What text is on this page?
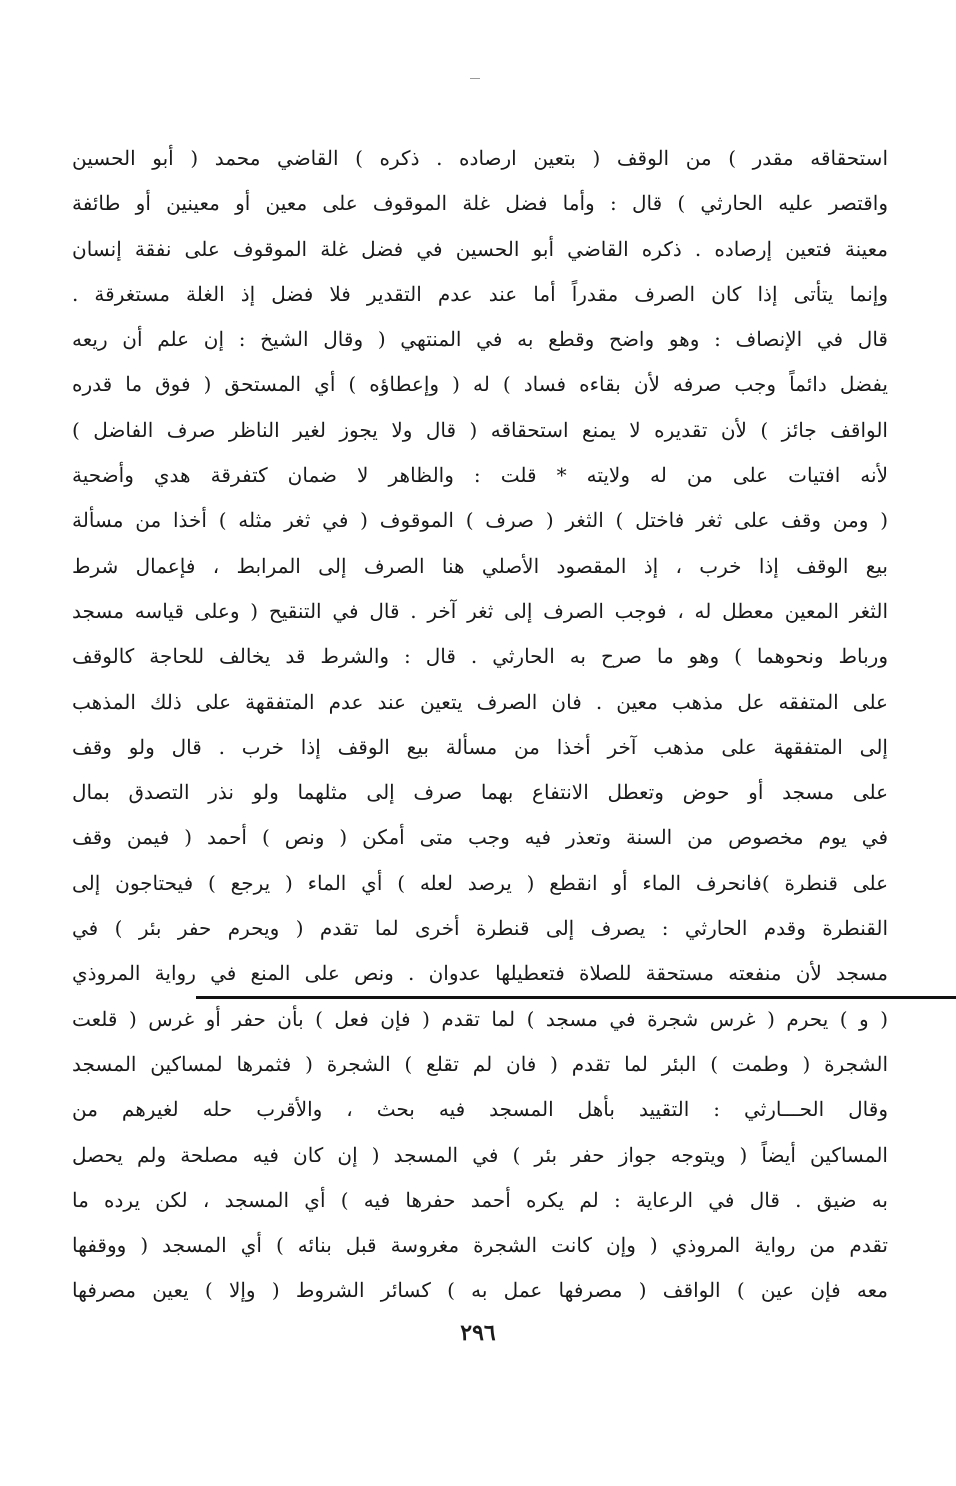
استحقاقه مقدر ) من الوقف ( بتعين ارصاده . ذكره ) القاضي محمد ( أبو الحسين
واقتصر عليه الحارثي ) قال : وأما فضل غلة الموقوف على معين أو معينين أو طائفة
معينة فتعين إرصاده . ذكره القاضي أبو الحسين في فضل غلة الموقوف على نفقة إنسان
وإنما يتأتى إذا كان الصرف مقدراً أما عند عدم التقدير فلا فضل إذ الغلة مستغرقة .
قال في الإنصاف : وهو واضح وقطع به في المنتهي ( وقال الشيخ : إن علم أن ريعه
يفضل دائماً وجب صرفه لأن بقاءه فساد ) له ( وإعطاؤه ) أي المستحق ( فوق ما قدره
الواقف جائز ) لأن تقديره لا يمنع استحقاقه ( قال ولا يجوز لغير الناظر صرف الفاضل )
لأنه افتيات على من له ولايته * قلت : والظاهر لا ضمان كتفرقة هدي وأضحية
( ومن وقف على ثغر فاختل ) الثغر ( صرف ) الموقوف ( في ثغر مثله ) أخذا من مسألة
بيع الوقف إذا خرب ، إذ المقصود الأصلي هنا الصرف إلى المرابط ، فإعمال شرط
الثغر المعين معطل له ، فوجب الصرف إلى ثغر آخر . قال في التنقيح ( وعلى قياسه مسجد
ورباط ونحوهما ) وهو ما صرح به الحارثي . قال : والشرط قد يخالف للحاجة كالوقف
على المتفقه عل مذهب معين . فان الصرف يتعين عند عدم المتفقهة على ذلك المذهب
إلى المتفقهة على مذهب آخر أخذا من مسألة بيع الوقف إذا خرب . قال ولو وقف
على مسجد أو حوض وتعطل الانتفاع بهما صرف إلى مثلهما ولو نذر التصدق بمال
في يوم مخصوص من السنة وتعذر فيه وجب متى أمكن ( ونص ) أحمد ( فيمن وقف
على قنطرة )فانحرف الماء أو انقطع ( يرصد لعله ) أي الماء ( يرجع ) فيحتاجون إلى
القنطرة وقدم الحارثي : يصرف إلى قنطرة أخرى لما تقدم ( ويحرم حفر بئر ) في
مسجد لأن منفعته مستحقة للصلاة فتعطيلها عدوان . ونص على المنع في رواية المروذي
( و ) يحرم ( غرس شجرة في مسجد ) لما تقدم ( فإن فعل ) بأن حفر أو غرس ( قلعت
الشجرة ( وطمت ) البئر لما تقدم ( فان لم تقلع ) الشجرة ( فثمرها لمساكين المسجد
وقال الحـــارثي : التقييد بأهل المسجد فيه بحث ، والأقرب حله لغيرهم من
المساكين أيضاً ( ويتوجه جواز حفر بئر ) في المسجد ( إن كان فيه مصلحة ولم يحصل
به ضيق . قال في الرعاية : لم يكره أحمد حفرها فيه ) أي المسجد ، لكن يرده ما
تقدم من رواية المروذي ( وإن كانت الشجرة مغروسة قبل بنائه ) أي المسجد ( ووقفها
معه فإن عين ) الواقف ( مصرفها عمل به ) كسائر الشروط ( وإلا ) يعين مصرفها
٢٩٦
